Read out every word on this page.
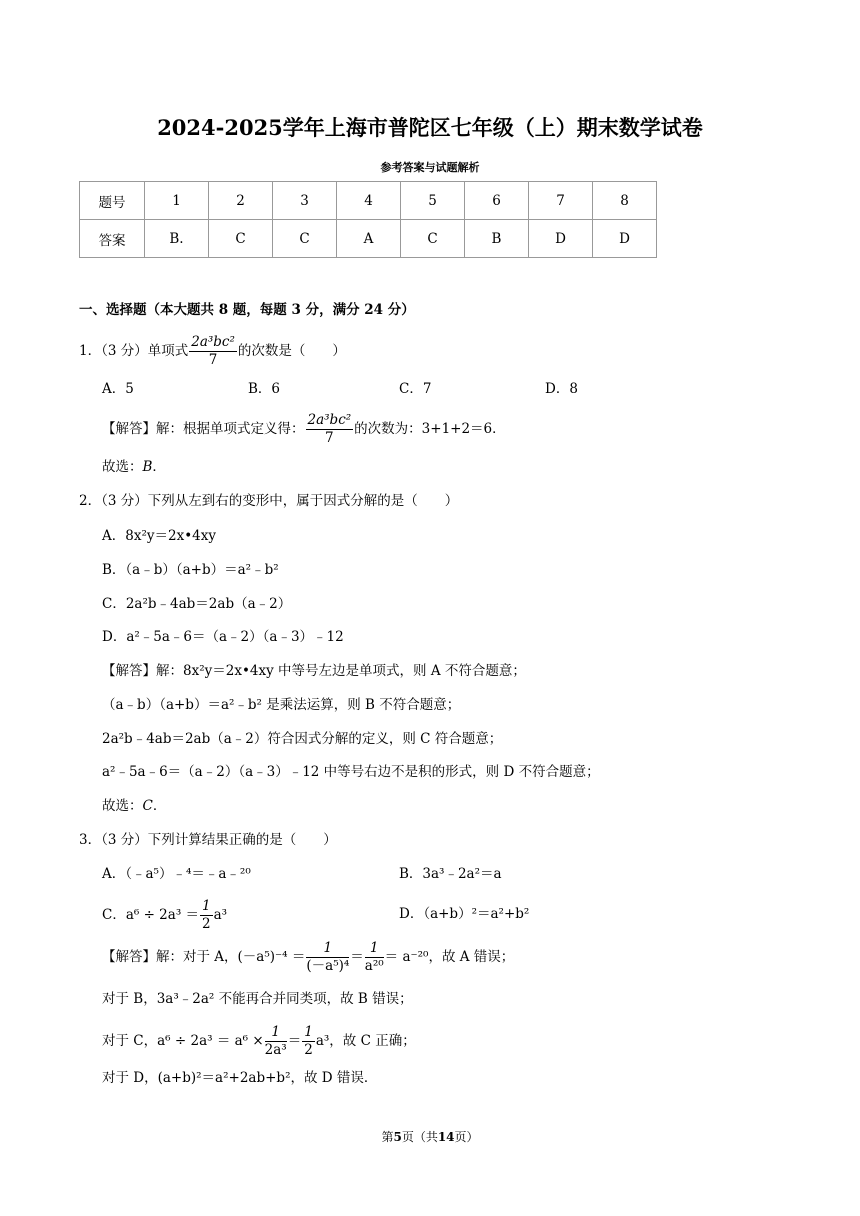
2024-2025学年上海市普陀区七年级（上）期末数学试卷
参考答案与试题解析
题号	1	2	3	4	5	6	7	8
答案	B.	C	C	A	C	B	D	D
一、选择题（本大题共 8 题，每题 3 分，满分 24 分）
1．（3 分）单项式 $\frac{\text{2a³bc²}}{7}$ 的次数是（　　）
A．5	B．6	C．7	D．8
【解答】解：根据单项式定义得： $\frac{\text{2a³bc²}}{7}$ 的次数为：3+1+2＝6．
故选：B．
2．（3 分）下列从左到右的变形中，属于因式分解的是（　　）
A．8x²y＝2x•4xy
B．（a﹣b）（a+b）＝a²﹣b²
C．2a²b﹣4ab＝2ab（a﹣2）
D．a²﹣5a﹣6＝（a﹣2）（a﹣3）﹣12
【解答】解：8x²y＝2x•4xy 中等号左边是单项式，则 A 不符合题意；
（a﹣b）（a+b）＝a²﹣b² 是乘法运算，则 B 不符合题意；
2a²b﹣4ab＝2ab（a﹣2）符合因式分解的定义，则 C 符合题意；
a²﹣5a﹣6＝（a﹣2）（a﹣3）﹣12 中等号右边不是积的形式，则 D 不符合题意；
故选：C．
3．（3 分）下列计算结果正确的是（　　）
A．（﹣a⁵）﹣⁴＝﹣a﹣²⁰	B．3a³﹣2a²＝a
C．$a^6 \div 2a^3 = \frac{1}{2} a^3$	D．（a+b）²＝a²+b²
【解答】解：对于 A，$(-a^5)^{-4} = \frac{1}{\text{(－a⁵)⁴}} = \frac{1}{\text{a²⁰}} = a^{-20}$，故 A 错误；
对于 B，3a³﹣2a² 不能再合并同类项，故 B 错误；
对于 C，$a^6 \div 2a^3 = a^6 \times \frac{1}{\text{2a³}} = \frac{1}{2} a^3$，故 C 正确；
对于 D，(a+b)²＝a²+2ab+b²，故 D 错误．
第5页（共14页）
